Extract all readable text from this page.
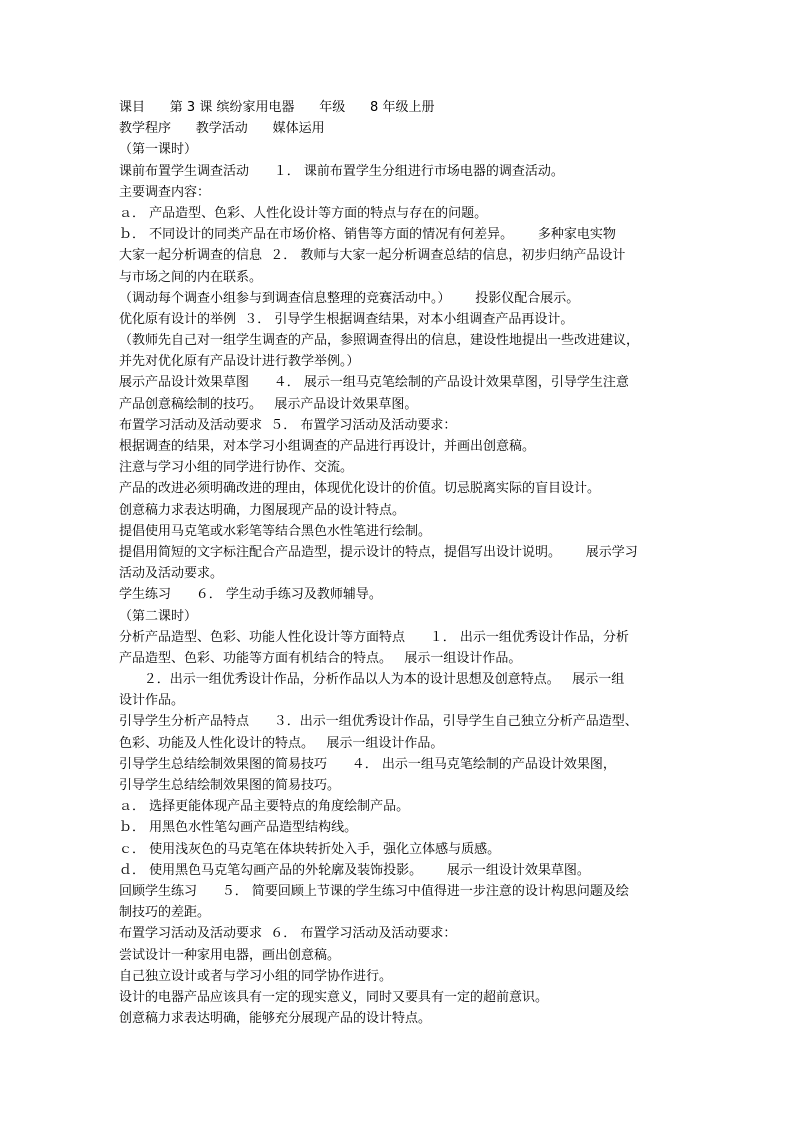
课目      第 3 课 缤纷家用电器      年级      8 年级上册
教学程序      教学活动      媒体运用
（第一课时）
课前布置学生调查活动      １． 课前布置学生分组进行市场电器的调查活动。
主要调查内容：
ａ． 产品造型、色彩、人性化设计等方面的特点与存在的问题。
ｂ． 不同设计的同类产品在市场价格、销售等方面的情况有何差异。      多种家电实物
大家一起分析调查的信息  ２． 教师与大家一起分析调查总结的信息，初步归纳产品设计
与市场之间的内在联系。
（调动每个调查小组参与到调查信息整理的竞赛活动中。）      投影仪配合展示。
优化原有设计的举例  ３． 引导学生根据调查结果，对本小组调查产品再设计。
（教师先自己对一组学生调查的产品，参照调查得出的信息，建设性地提出一些改进建议，
并先对优化原有产品设计进行教学举例。）
展示产品设计效果草图      ４． 展示一组马克笔绘制的产品设计效果草图，引导学生注意
产品创意稿绘制的技巧。   展示产品设计效果草图。
布置学习活动及活动要求  ５． 布置学习活动及活动要求：
根据调查的结果，对本学习小组调查的产品进行再设计，并画出创意稿。
注意与学习小组的同学进行协作、交流。
产品的改进必须明确改进的理由，体现优化设计的价值。切忌脱离实际的盲目设计。
创意稿力求表达明确，力图展现产品的设计特点。
提倡使用马克笔或水彩笔等结合黑色水性笔进行绘制。
提倡用简短的文字标注配合产品造型，提示设计的特点，提倡写出设计说明。      展示学习
活动及活动要求。
学生练习      ６． 学生动手练习及教师辅导。
（第二课时）
分析产品造型、色彩、功能人性化设计等方面特点      １． 出示一组优秀设计作品，分析
产品造型、色彩、功能等方面有机结合的特点。   展示一组设计作品。
２．出示一组优秀设计作品，分析作品以人为本的设计思想及创意特点。   展示一组
设计作品。
引导学生分析产品特点      ３．出示一组优秀设计作品，引导学生自己独立分析产品造型、
色彩、功能及人性化设计的特点。   展示一组设计作品。
引导学生总结绘制效果图的简易技巧      ４． 出示一组马克笔绘制的产品设计效果图，
引导学生总结绘制效果图的简易技巧。
ａ． 选择更能体现产品主要特点的角度绘制产品。
ｂ． 用黑色水性笔勾画产品造型结构线。
ｃ． 使用浅灰色的马克笔在体块转折处入手，强化立体感与质感。
ｄ． 使用黑色马克笔勾画产品的外轮廓及装饰投影。      展示一组设计效果草图。
回顾学生练习      ５． 简要回顾上节课的学生练习中值得进一步注意的设计构思问题及绘
制技巧的差距。
布置学习活动及活动要求  ６． 布置学习活动及活动要求：
尝试设计一种家用电器，画出创意稿。
自己独立设计或者与学习小组的同学协作进行。
设计的电器产品应该具有一定的现实意义，同时又要具有一定的超前意识。
创意稿力求表达明确，能够充分展现产品的设计特点。
